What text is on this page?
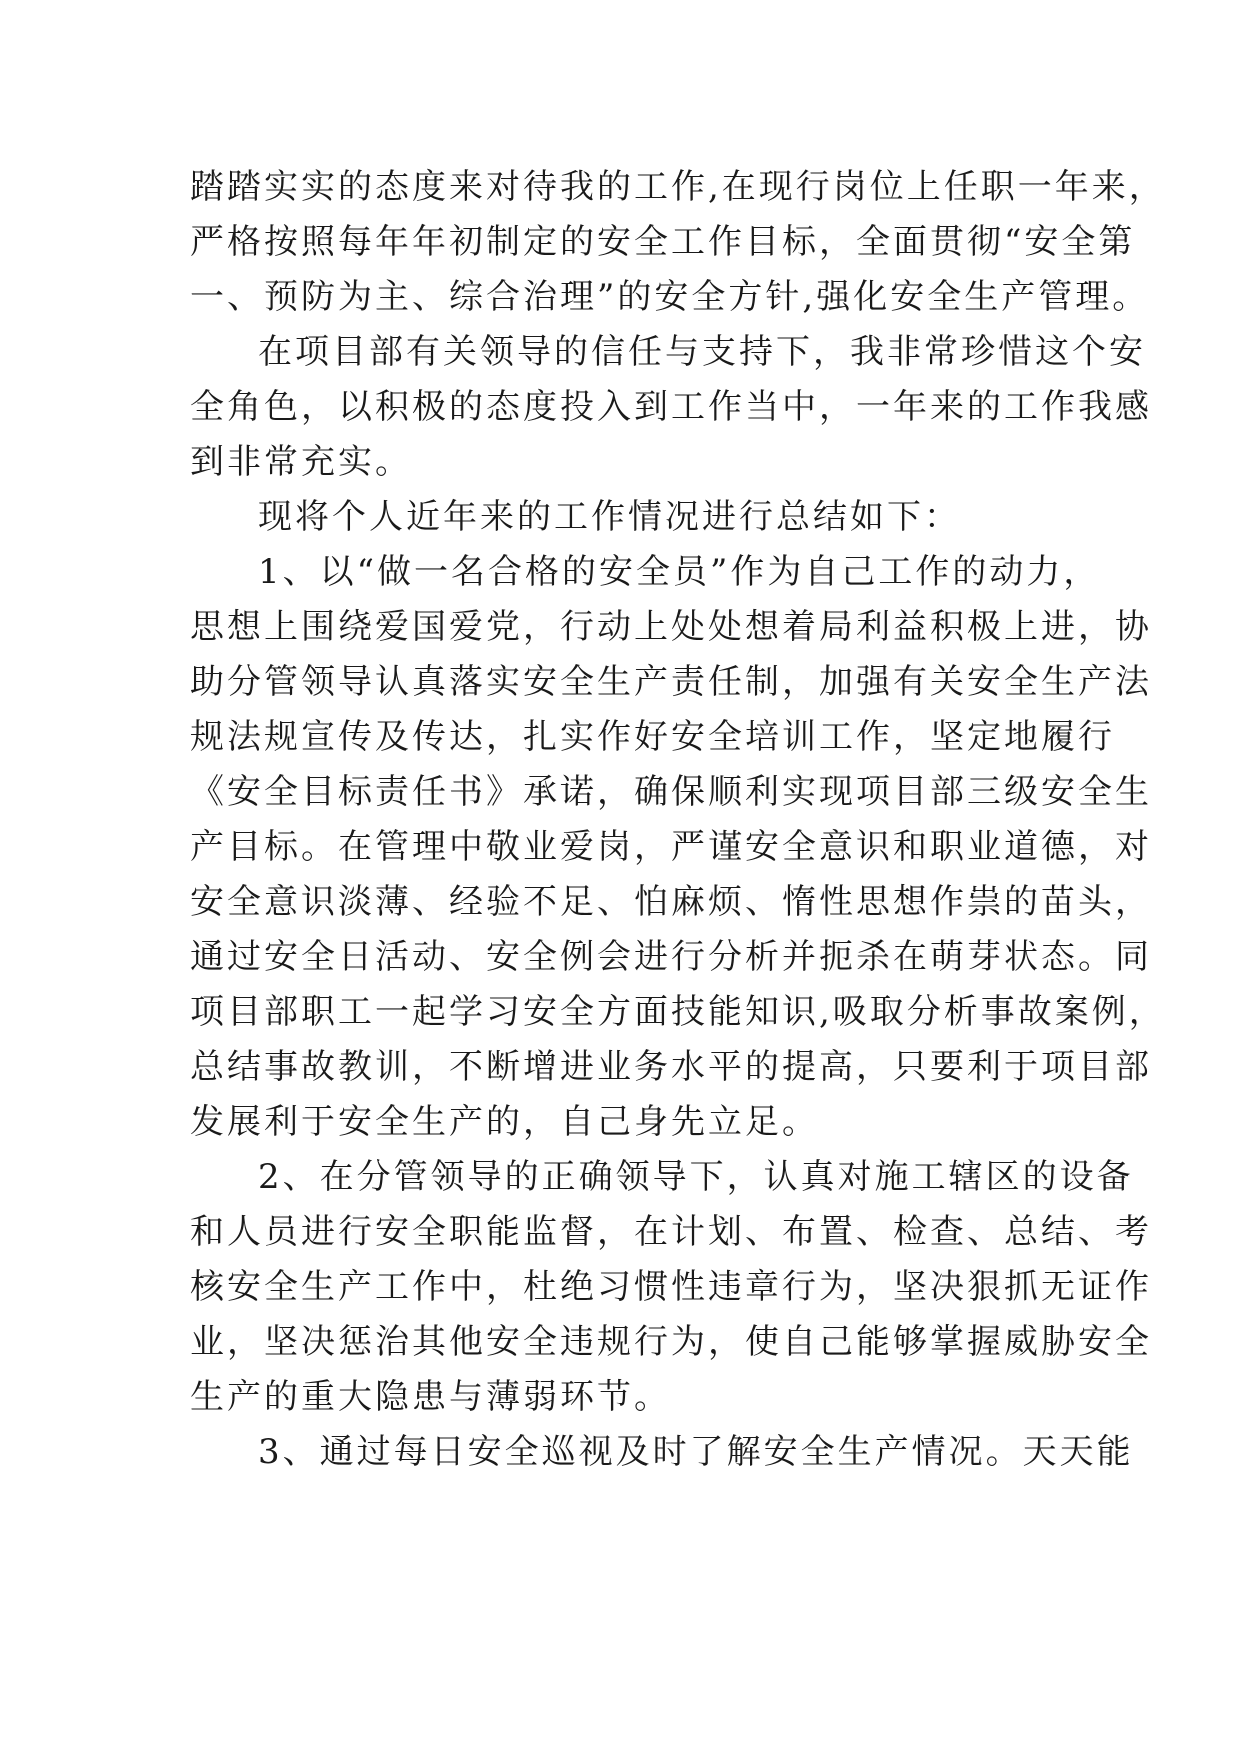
踏踏实实的态度来对待我的工作,在现行岗位上任职一年来，
严格按照每年年初制定的安全工作目标，全面贯彻“安全第
一、预防为主、综合治理”的安全方针,强化安全生产管理。
在项目部有关领导的信任与支持下，我非常珍惜这个安
全角色，以积极的态度投入到工作当中，一年来的工作我感
到非常充实。
现将个人近年来的工作情况进行总结如下：
1、以“做一名合格的安全员”作为自己工作的动力，
思想上围绕爱国爱党，行动上处处想着局利益积极上进，协
助分管领导认真落实安全生产责任制，加强有关安全生产法
规法规宣传及传达，扎实作好安全培训工作，坚定地履行
《安全目标责任书》承诺，确保顺利实现项目部三级安全生
产目标。在管理中敬业爱岗，严谨安全意识和职业道德，对
安全意识淡薄、经验不足、怕麻烦、惰性思想作祟的苗头，
通过安全日活动、安全例会进行分析并扼杀在萌芽状态。同
项目部职工一起学习安全方面技能知识,吸取分析事故案例，
总结事故教训，不断增进业务水平的提高，只要利于项目部
发展利于安全生产的，自己身先立足。
2、在分管领导的正确领导下，认真对施工辖区的设备
和人员进行安全职能监督，在计划、布置、检查、总结、考
核安全生产工作中，杜绝习惯性违章行为，坚决狠抓无证作
业，坚决惩治其他安全违规行为，使自己能够掌握威胁安全
生产的重大隐患与薄弱环节。
3、通过每日安全巡视及时了解安全生产情况。天天能
